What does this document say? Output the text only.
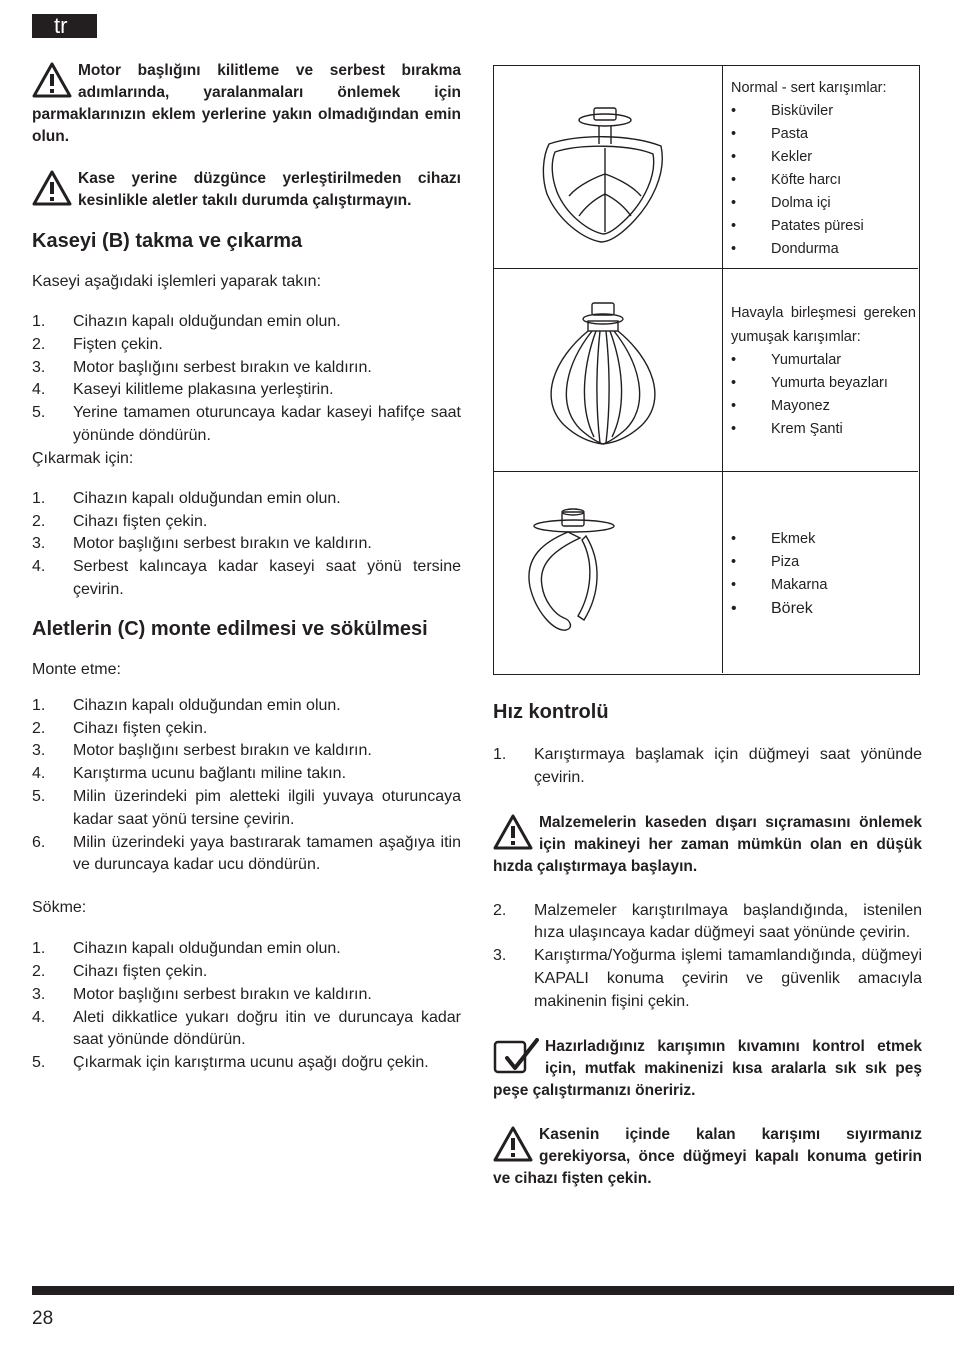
tr
Motor başlığını kilitleme ve serbest bırakma adımlarında, yaralanmaları önlemek için parmaklarınızın eklem yerlerine yakın olmadığından emin olun.
Kase yerine düzgünce yerleştirilmeden cihazı kesinlikle aletler takılı durumda çalıştırmayın.
Kaseyi (B) takma ve çıkarma

Kaseyi aşağıdaki işlemleri yaparak takın:

1.	Cihazın kapalı olduğundan emin olun.
2.	Fişten çekin.
3.	Motor başlığını serbest bırakın ve kaldırın.
4.	Kaseyi kilitleme plakasına yerleştirin.
5.	Yerine tamamen oturuncaya kadar kaseyi hafifçe saat yönünde döndürün.

Çıkarmak için:

1.	Cihazın kapalı olduğundan emin olun.
2.	Cihazı fişten çekin.
3.	Motor başlığını serbest bırakın ve kaldırın.
4.	Serbest kalıncaya kadar kaseyi saat yönü tersine çevirin.
Aletlerin (C) monte edilmesi ve sökülmesi

Monte etme:

1.	Cihazın kapalı olduğundan emin olun.
2.	Cihazı fişten çekin.
3.	Motor başlığını serbest bırakın ve kaldırın.
4.	Karıştırma ucunu bağlantı miline takın.
5.	Milin üzerindeki pim aletteki ilgili yuvaya oturuncaya kadar saat yönü tersine çevirin.
6.	Milin üzerindeki yaya bastırarak tamamen aşağıya itin ve duruncaya kadar ucu döndürün.

Sökme:

1.	Cihazın kapalı olduğundan emin olun.
2.	Cihazı fişten çekin.
3.	Motor başlığını serbest bırakın ve kaldırın.
4.	Aleti dikkatlice yukarı doğru itin ve duruncaya kadar saat yönünde döndürün.
5.	Çıkarmak için karıştırma ucunu aşağı doğru çekin.
Normal - sert karışımlar:
•	Bisküviler
•	Pasta
•	Kekler
•	Köfte harcı
•	Dolma içi
•	Patates püresi
•	Dondurma
Havayla birleşmesi gereken yumuşak karışımlar:
•	Yumurtalar
•	Yumurta beyazları
•	Mayonez
•	Krem Şanti
•	Ekmek
•	Piza
•	Makarna
•	Börek
Hız kontrolü
1.	Karıştırmaya başlamak için düğmeyi saat yönünde çevirin.
Malzemelerin kaseden dışarı sıçramasını önlemek için makineyi her zaman mümkün olan en düşük hızda çalıştırmaya başlayın.
2.	Malzemeler karıştırılmaya başlandığında, istenilen hıza ulaşıncaya kadar düğmeyi saat yönünde çevirin.
3.	Karıştırma/Yoğurma işlemi tamamlandığında, düğmeyi KAPALI konuma çevirin ve güvenlik amacıyla makinenin fişini çekin.
Hazırladığınız karışımın kıvamını kontrol etmek için, mutfak makinenizi kısa aralarla sık sık peş peşe çalıştırmanızı öneririz.
Kasenin içinde kalan karışımı sıyırmanız gerekiyorsa, önce düğmeyi kapalı konuma getirin ve cihazı fişten çekin.
28
